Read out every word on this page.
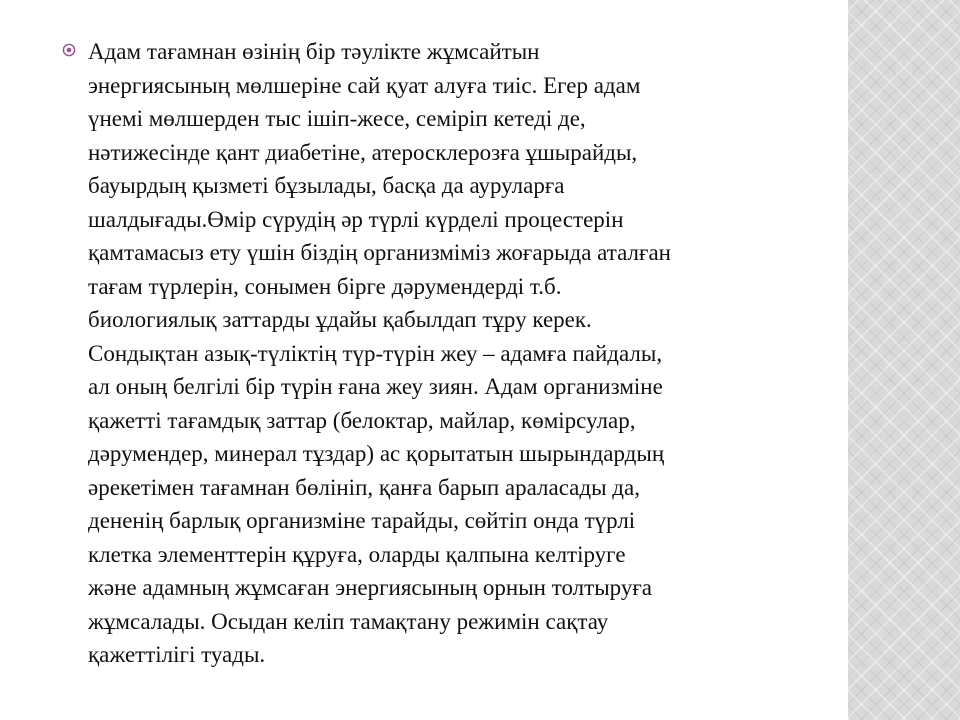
Адам тағамнан өзінің бір тәулікте жұмсайтын
энергиясының мөлшеріне сай қуат алуға тиіс. Егер адам
үнемі мөлшерден тыс ішіп-жесе, семіріп кетеді де,
нәтижесінде қант диабетіне, атеросклерозға ұшырайды,
бауырдың қызметі бұзылады, басқа да ауруларға
шалдығады.Өмір сүрудің әр түрлі күрделі процестерін
қамтамасыз ету үшін біздің организміміз жоғарыда аталған
тағам түрлерін, сонымен бірге дәрумендерді т.б.
биологиялық заттарды ұдайы қабылдап тұру керек.
Сондықтан азық-түліктің түр-түрін жеу – адамға пайдалы,
ал оның белгілі бір түрін ғана жеу зиян. Адам организміне
қажетті тағамдық заттар (белоктар, майлар, көмірсулар,
дәрумендер, минерал тұздар) ас қорытатын шырындардың
әрекетімен тағамнан бөлініп, қанға барып араласады да,
дененің барлық организміне тарайды, сөйтіп онда түрлі
клетка элементтерін құруға, оларды қалпына келтіруге
және адамның жұмсаған энергиясының орнын толтыруға
жұмсалады. Осыдан келіп тамақтану режимін сақтау
қажеттілігі туады.
